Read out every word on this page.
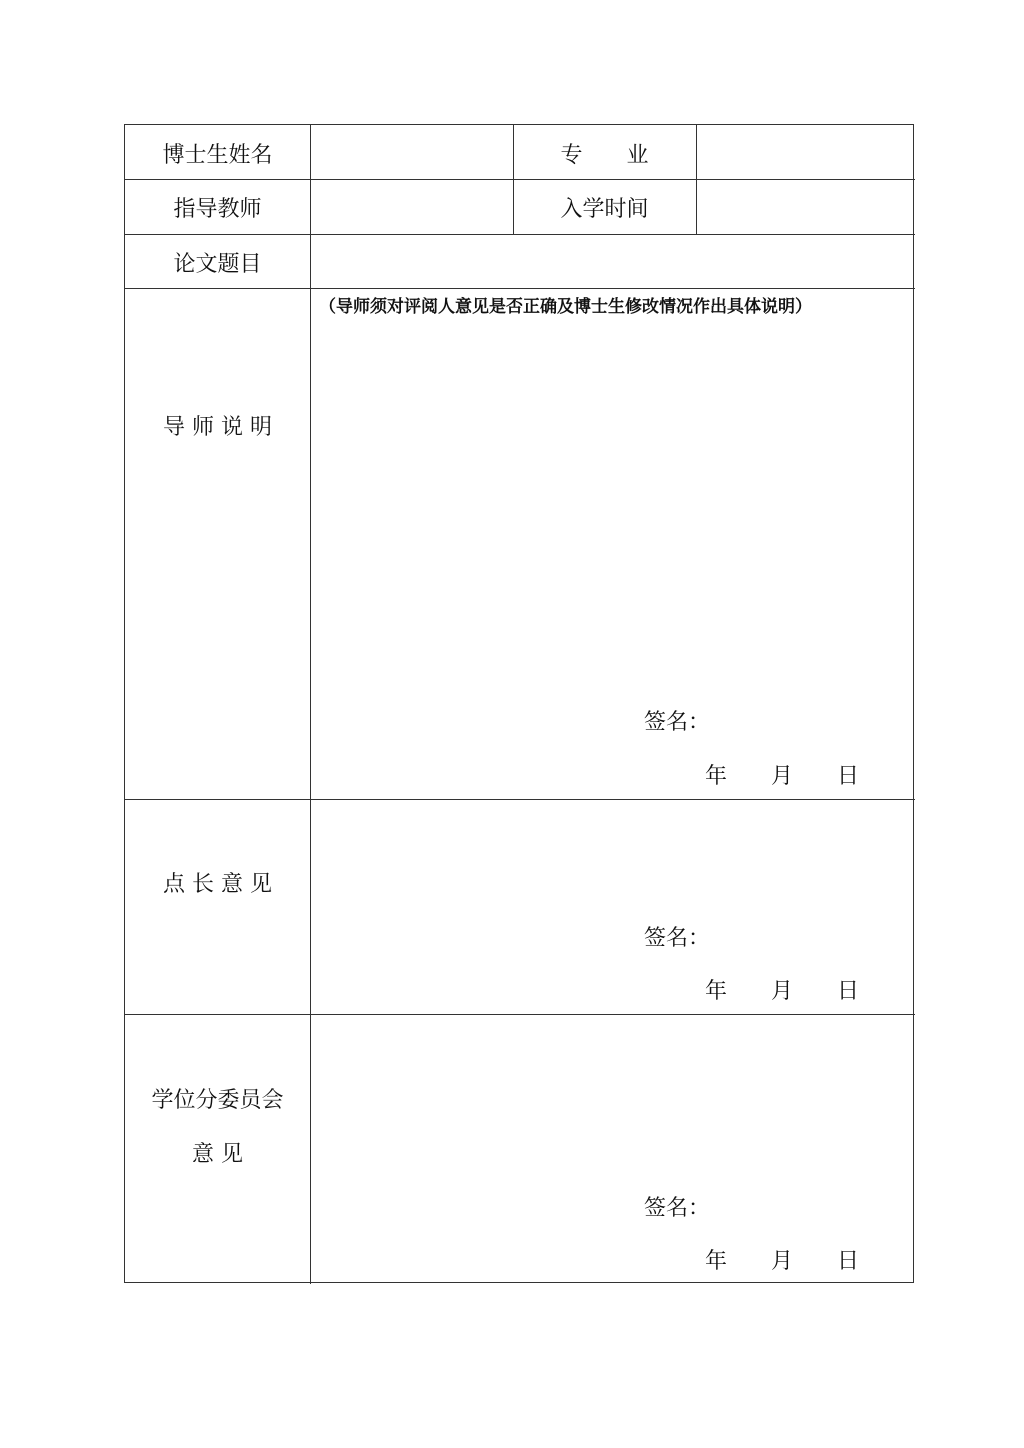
博士生姓名	专　　业
指导教师	入学时间
论文题目
导 师 说 明
（导师须对评阅人意见是否正确及博士生修改情况作出具体说明）
签名：
年　　月　　日
点 长 意 见
签名：
年　　月　　日
学位分委员会
意 见
签名：
年　　月　　日
